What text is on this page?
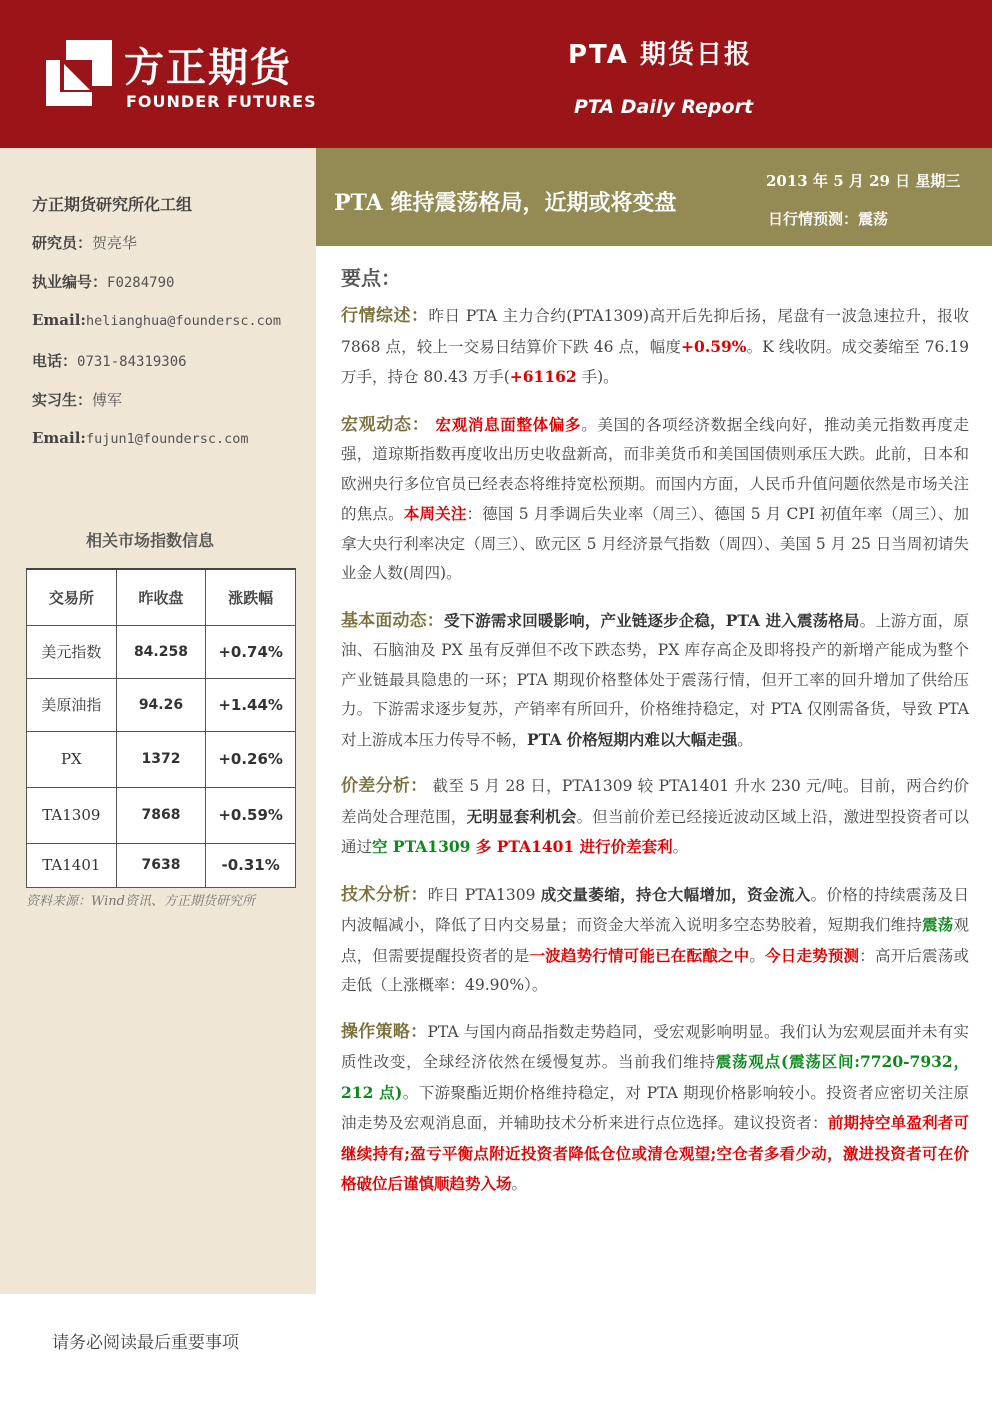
方正期货
FOUNDER FUTURES
PTA 期货日报
PTA Daily Report
方正期货研究所化工组
研究员：贺亮华
执业编号：F0284790
Email:helianghua@foundersc.com
电话：0731-84319306
实习生：傅军
Email:fujun1@foundersc.com
相关市场指数信息
交易所	昨收盘	涨跌幅
美元指数	84.258	+0.74%
美原油指	94.26	+1.44%
PX	1372	+0.26%
TA1309	7868	+0.59%
TA1401	7638	-0.31%
资料来源：Wind资讯、方正期货研究所
PTA 维持震荡格局，近期或将变盘
2013 年 5 月 29 日 星期三
日行情预测：震荡
要点：

行情综述：昨日 PTA 主力合约(PTA1309)高开后先抑后扬，尾盘有一波急速拉升，报收 7868 点，较上一交易日结算价下跌 46 点，幅度+0.59%。K 线收阴。成交萎缩至 76.19 万手，持仓 80.43 万手(+61162 手)。

宏观动态： 宏观消息面整体偏多。美国的各项经济数据全线向好，推动美元指数再度走强，道琼斯指数再度收出历史收盘新高，而非美货币和美国国债则承压大跌。此前，日本和欧洲央行多位官员已经表态将维持宽松预期。而国内方面，人民币升值问题依然是市场关注的焦点。本周关注：德国 5 月季调后失业率（周三）、德国 5 月 CPI 初值年率（周三）、加拿大央行利率决定（周三）、欧元区 5 月经济景气指数（周四）、美国 5 月 25 日当周初请失业金人数(周四)。

基本面动态：受下游需求回暖影响，产业链逐步企稳，PTA 进入震荡格局。上游方面，原油、石脑油及 PX 虽有反弹但不改下跌态势，PX 库存高企及即将投产的新增产能成为整个产业链最具隐患的一环；PTA 期现价格整体处于震荡行情，但开工率的回升增加了供给压力。下游需求逐步复苏，产销率有所回升，价格维持稳定，对 PTA 仅刚需备货，导致 PTA 对上游成本压力传导不畅，PTA 价格短期内难以大幅走强。

价差分析： 截至 5 月 28 日，PTA1309 较 PTA1401 升水 230 元/吨。目前，两合约价差尚处合理范围，无明显套利机会。但当前价差已经接近波动区域上沿，激进型投资者可以通过空 PTA1309 多 PTA1401 进行价差套利。

技术分析：昨日 PTA1309 成交量萎缩，持仓大幅增加，资金流入。价格的持续震荡及日内波幅减小，降低了日内交易量；而资金大举流入说明多空态势胶着，短期我们维持震荡观点，但需要提醒投资者的是一波趋势行情可能已在酝酿之中。今日走势预测：高开后震荡或走低（上涨概率：49.90%）。

操作策略：PTA 与国内商品指数走势趋同，受宏观影响明显。我们认为宏观层面并未有实质性改变，全球经济依然在缓慢复苏。当前我们维持震荡观点(震荡区间:7720-7932，212 点)。下游聚酯近期价格维持稳定，对 PTA 期现价格影响较小。投资者应密切关注原油走势及宏观消息面，并辅助技术分析来进行点位选择。建议投资者：前期持空单盈利者可继续持有;盈亏平衡点附近投资者降低仓位或清仓观望;空仓者多看少动，激进投资者可在价格破位后谨慎顺趋势入场。

请务必阅读最后重要事项
